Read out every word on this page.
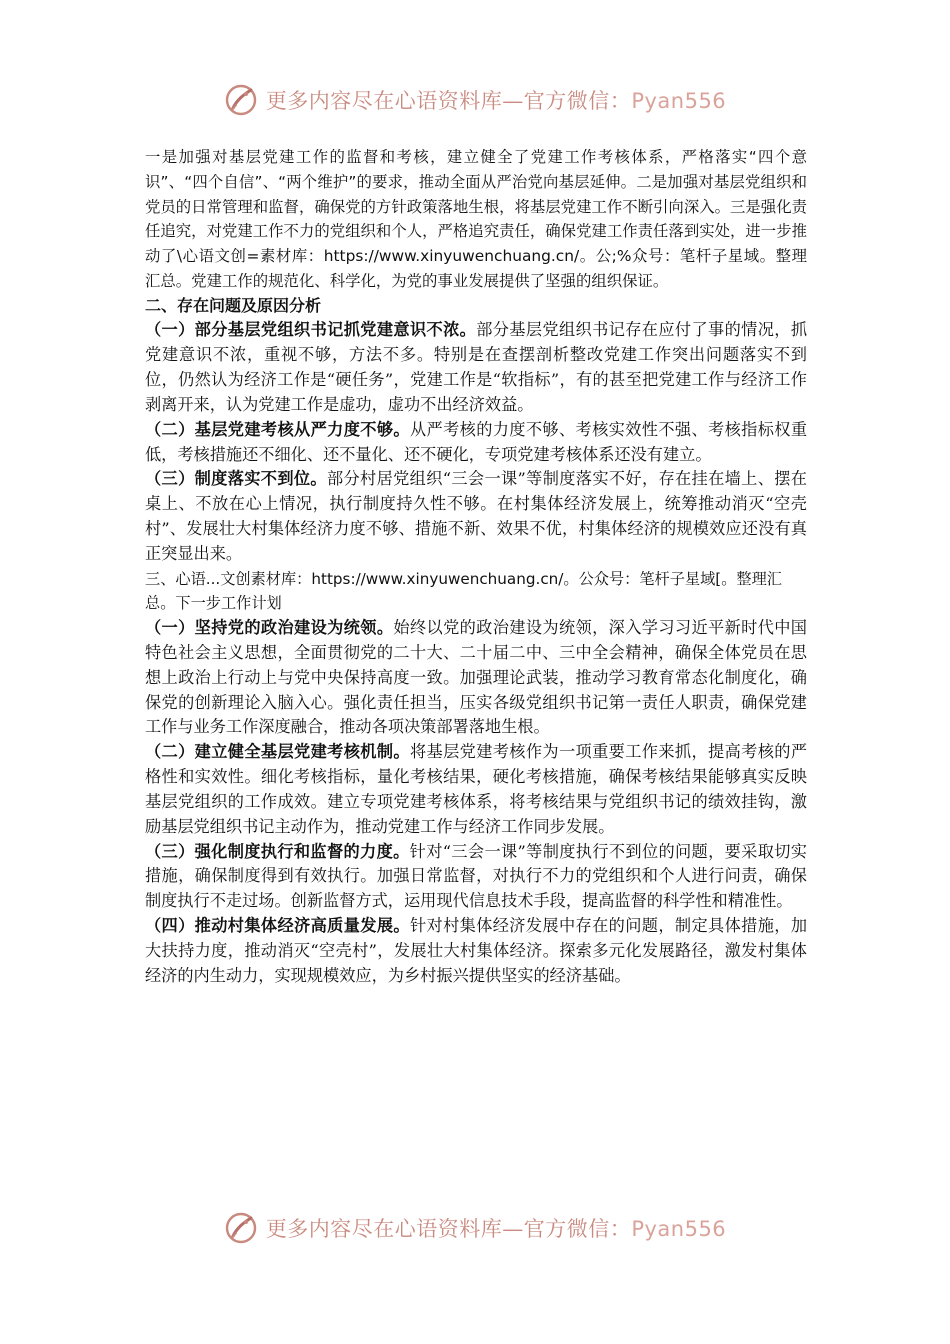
更多内容尽在心语资料库—官方微信：Pyan556

一是加强对基层党建工作的监督和考核，建立健全了党建工作考核体系，严格落实“四个意识”、“四个自信”、“两个维护”的要求，推动全面从严治党向基层延伸。二是加强对基层党组织和党员的日常管理和监督，确保党的方针政策落地生根，将基层党建工作不断引向深入。三是强化责任追究，对党建工作不力的党组织和个人，严格追究责任，确保党建工作责任落到实处，进一步推动了\心语文创=素材库：https://www.xinyuwenchuang.cn/。公;%众号：笔杆子星域。整理汇总。党建工作的规范化、科学化，为党的事业发展提供了坚强的组织保证。

二、存在问题及原因分析

（一）部分基层党组织书记抓党建意识不浓。部分基层党组织书记存在应付了事的情况，抓党建意识不浓，重视不够，方法不多。特别是在查摆剖析整改党建工作突出问题落实不到位，仍然认为经济工作是“硬任务”，党建工作是“软指标”，有的甚至把党建工作与经济工作剥离开来，认为党建工作是虚功，虚功不出经济效益。

（二）基层党建考核从严力度不够。从严考核的力度不够、考核实效性不强、考核指标权重低，考核措施还不细化、还不量化、还不硬化，专项党建考核体系还没有建立。

（三）制度落实不到位。部分村居党组织“三会一课”等制度落实不好，存在挂在墙上、摆在桌上、不放在心上情况，执行制度持久性不够。在村集体经济发展上，统筹推动消灭“空壳村”、发展壮大村集体经济力度不够、措施不新、效果不优，村集体经济的规模效应还没有真正突显出来。

三、心语...文创素材库：https://www.xinyuwenchuang.cn/。公众号：笔杆子星域[。整理汇总。下一步工作计划

（一）坚持党的政治建设为统领。始终以党的政治建设为统领，深入学习习近平新时代中国特色社会主义思想，全面贯彻党的二十大、二十届二中、三中全会精神，确保全体党员在思想上政治上行动上与党中央保持高度一致。加强理论武装，推动学习教育常态化制度化，确保党的创新理论入脑入心。强化责任担当，压实各级党组织书记第一责任人职责，确保党建工作与业务工作深度融合，推动各项决策部署落地生根。

（二）建立健全基层党建考核机制。将基层党建考核作为一项重要工作来抓，提高考核的严格性和实效性。细化考核指标，量化考核结果，硬化考核措施，确保考核结果能够真实反映基层党组织的工作成效。建立专项党建考核体系，将考核结果与党组织书记的绩效挂钩，激励基层党组织书记主动作为，推动党建工作与经济工作同步发展。

（三）强化制度执行和监督的力度。针对“三会一课”等制度执行不到位的问题，要采取切实措施，确保制度得到有效执行。加强日常监督，对执行不力的党组织和个人进行问责，确保制度执行不走过场。创新监督方式，运用现代信息技术手段，提高监督的科学性和精准性。

（四）推动村集体经济高质量发展。针对村集体经济发展中存在的问题，制定具体措施，加大扶持力度，推动消灭“空壳村”，发展壮大村集体经济。探索多元化发展路径，激发村集体经济的内生动力，实现规模效应，为乡村振兴提供坚实的经济基础。

更多内容尽在心语资料库—官方微信：Pyan556
